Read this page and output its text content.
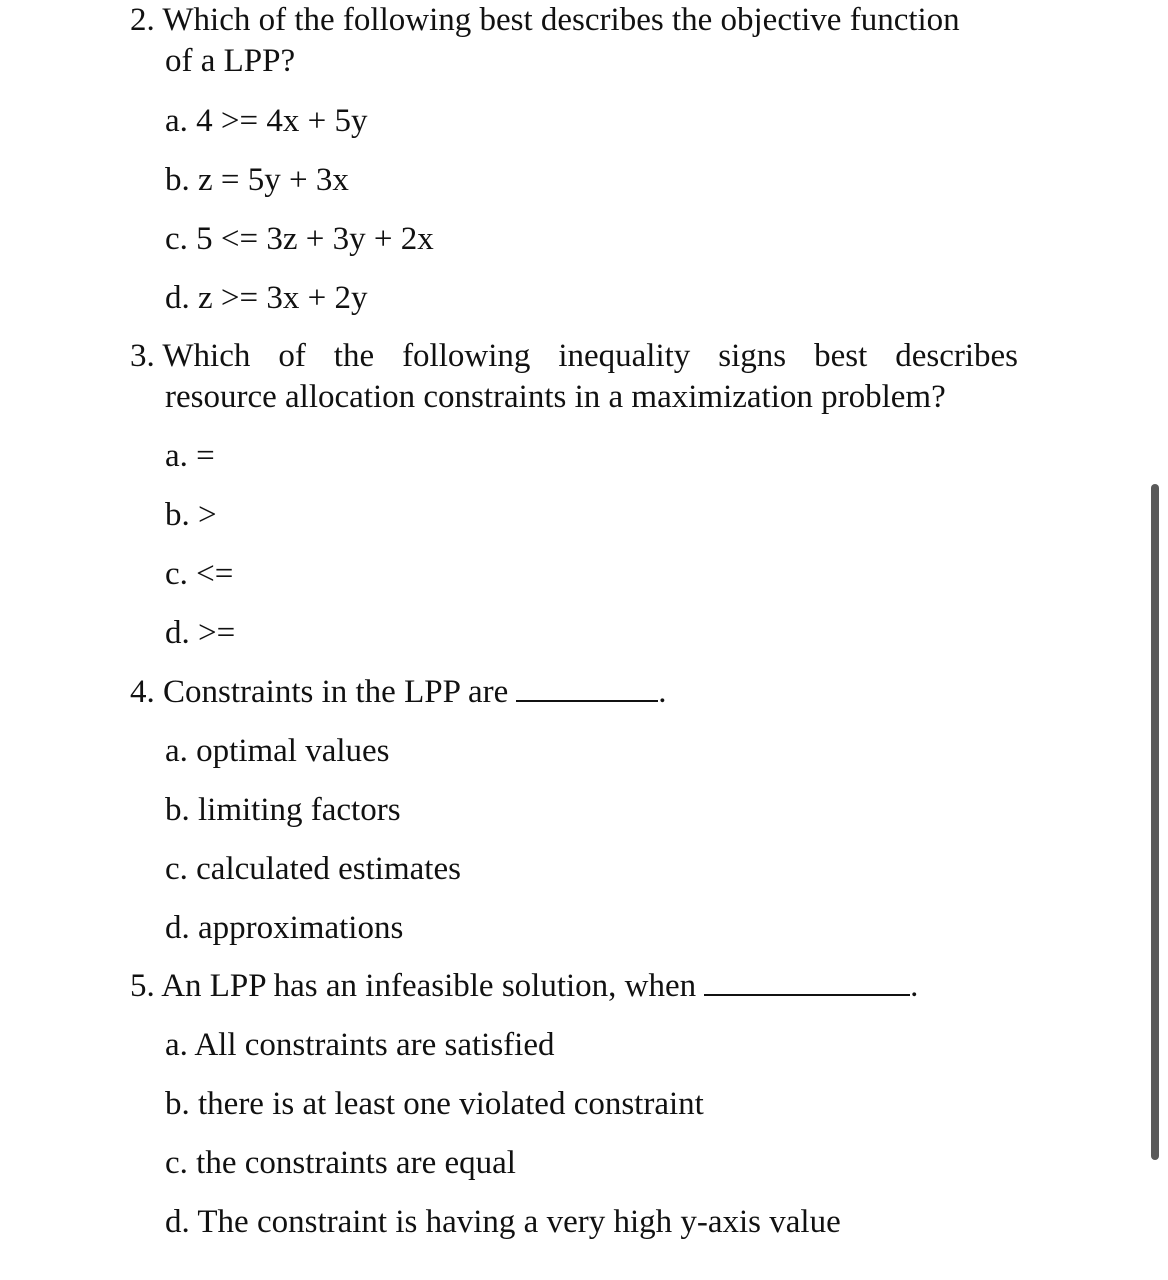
2. Which of the following best describes the objective function
of a LPP?
a. 4 >= 4x + 5y
b. z = 5y + 3x
c. 5 <= 3z + 3y + 2x
d. z >= 3x + 2y
3. Which of the following inequality signs best describes
resource allocation constraints in a maximization problem?
a. =
b. >
c. <=
d. >=
4. Constraints in the LPP are	.
a. optimal values
b. limiting factors
c. calculated estimates
d. approximations
5. An LPP has an infeasible solution, when	.
a. All constraints are satisfied
b. there is at least one violated constraint
c. the constraints are equal
d. The constraint is having a very high y-axis value
